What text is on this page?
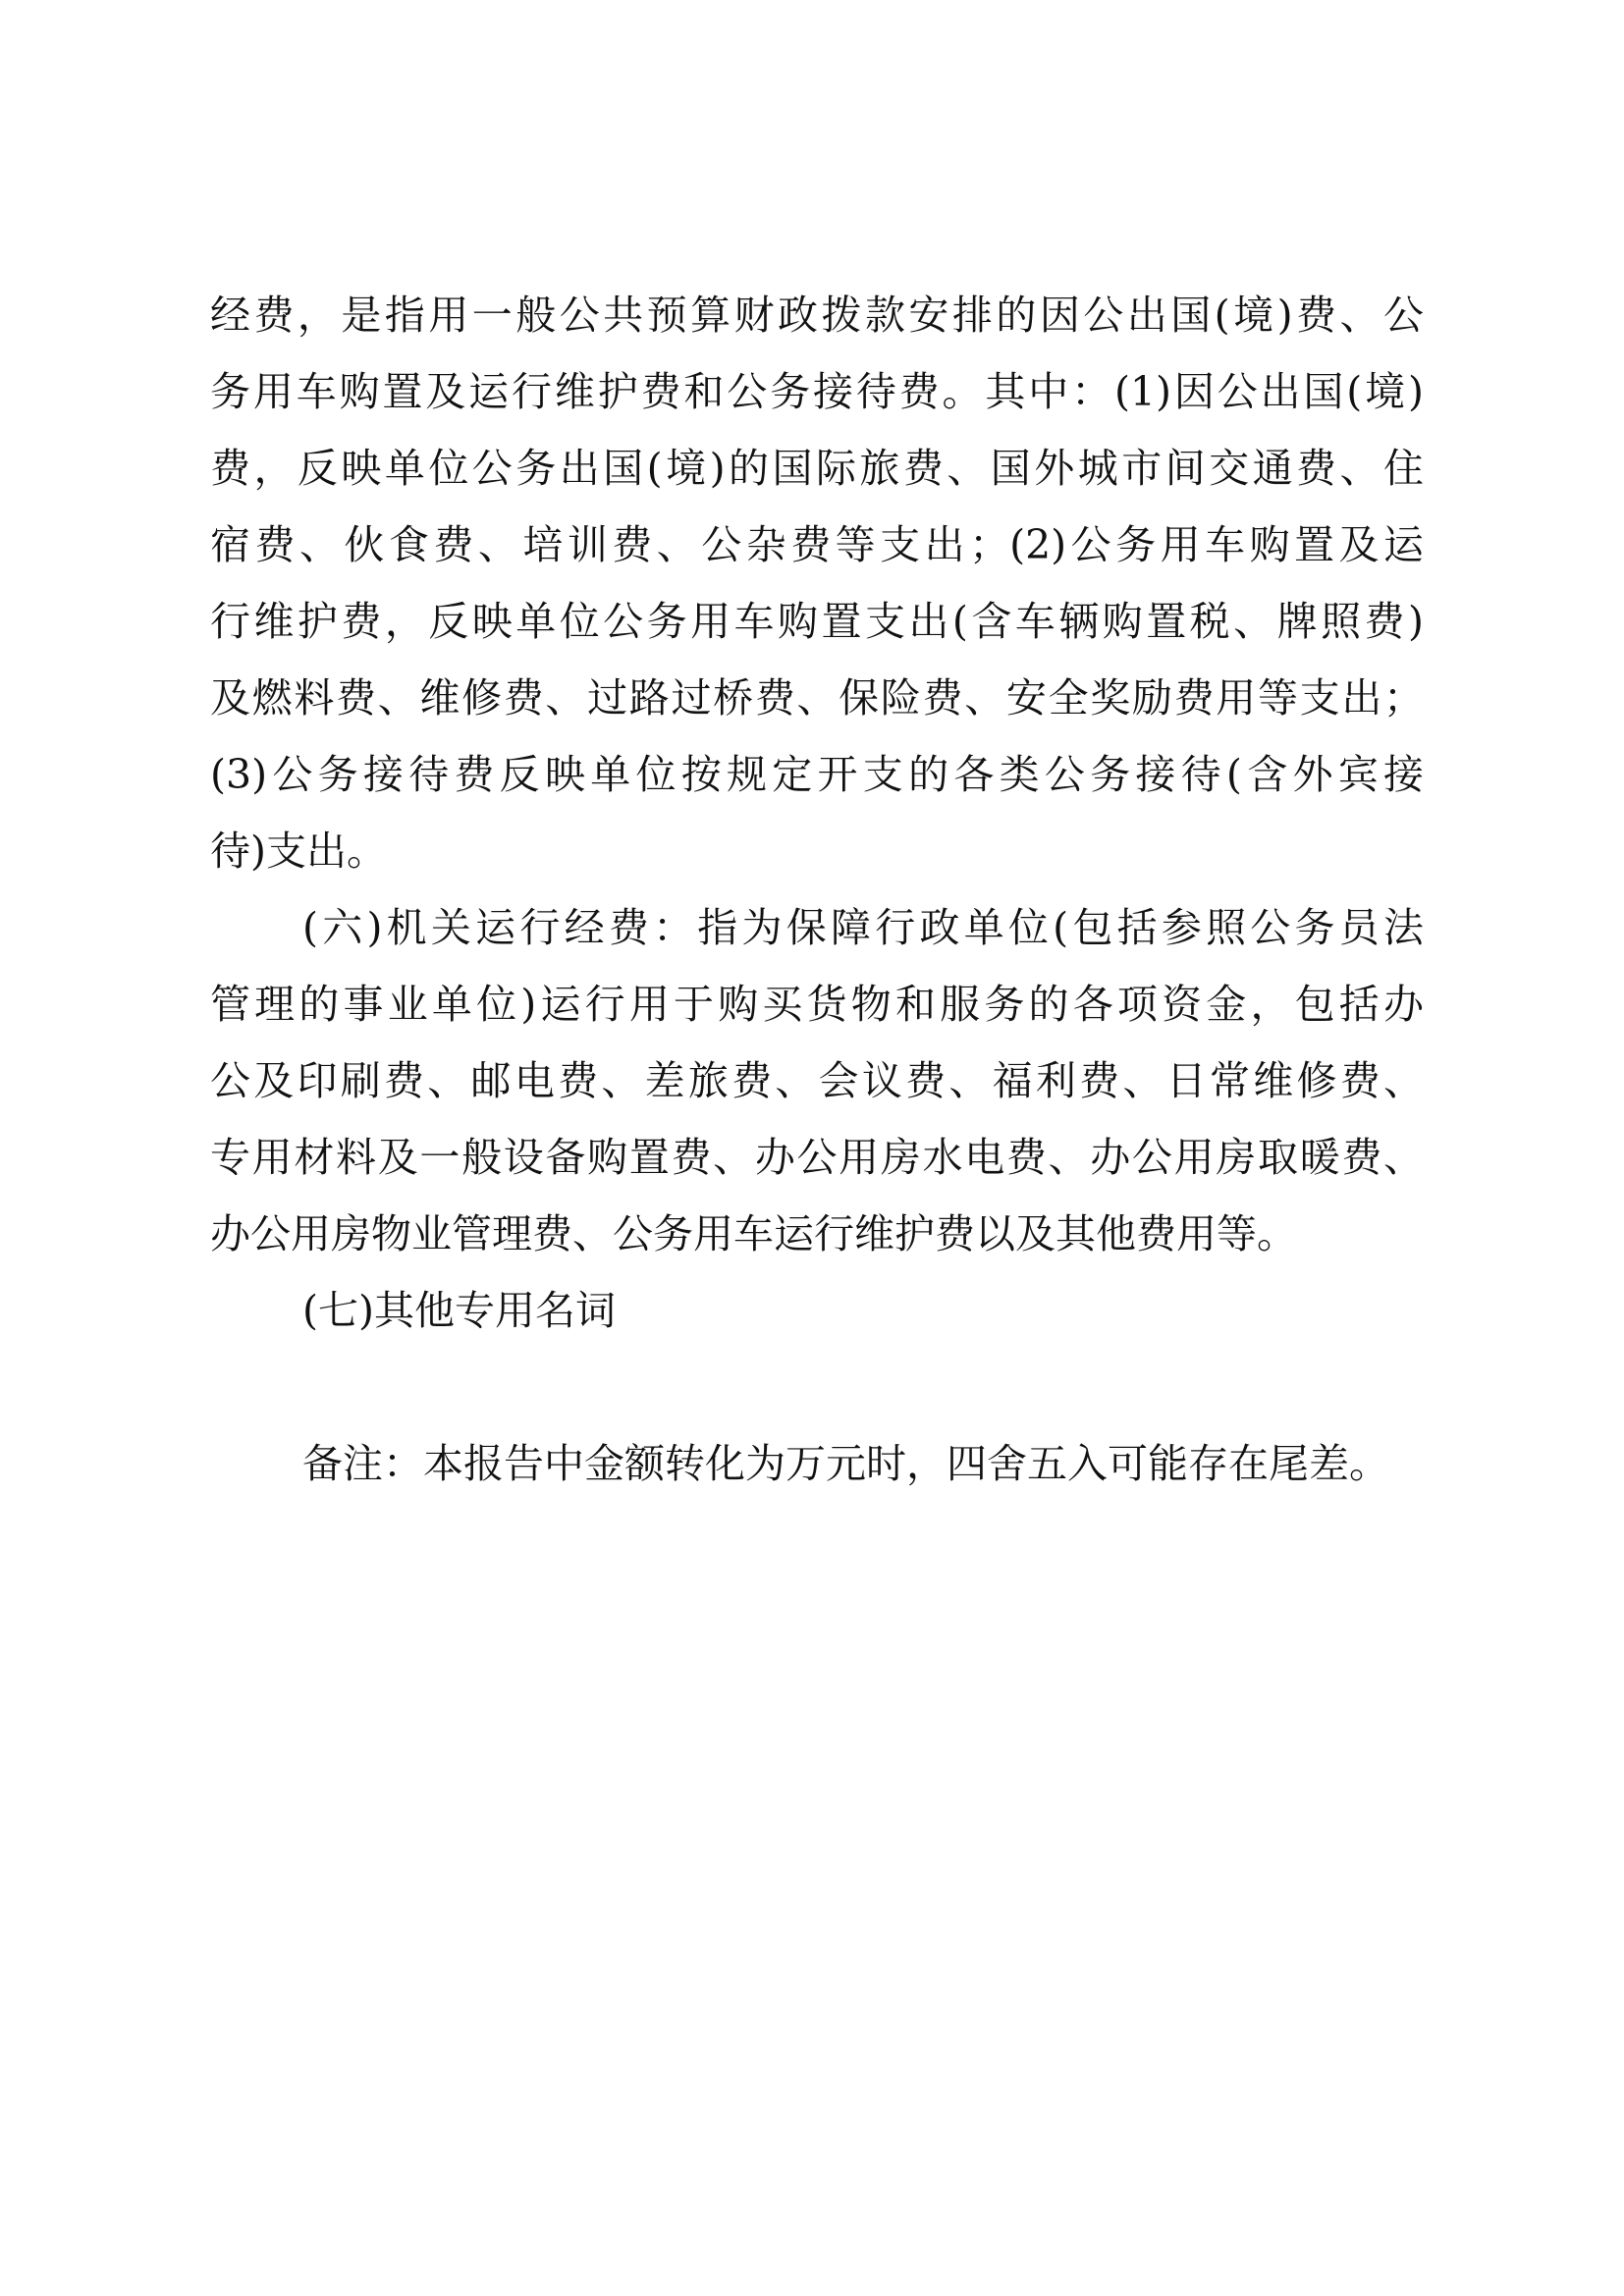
经费，是指用一般公共预算财政拨款安排的因公出国(境)费、公
务用车购置及运行维护费和公务接待费。其中：(1)因公出国(境)
费，反映单位公务出国(境)的国际旅费、国外城市间交通费、住
宿费、伙食费、培训费、公杂费等支出；(2)公务用车购置及运
行维护费，反映单位公务用车购置支出(含车辆购置税、牌照费)
及燃料费、维修费、过路过桥费、保险费、安全奖励费用等支出；
(3)公务接待费反映单位按规定开支的各类公务接待(含外宾接
待)支出。
(六)机关运行经费：指为保障行政单位(包括参照公务员法
管理的事业单位)运行用于购买货物和服务的各项资金，包括办
公及印刷费、邮电费、差旅费、会议费、福利费、日常维修费、
专用材料及一般设备购置费、办公用房水电费、办公用房取暖费、
办公用房物业管理费、公务用车运行维护费以及其他费用等。
(七)其他专用名词
备注：本报告中金额转化为万元时，四舍五入可能存在尾差。
